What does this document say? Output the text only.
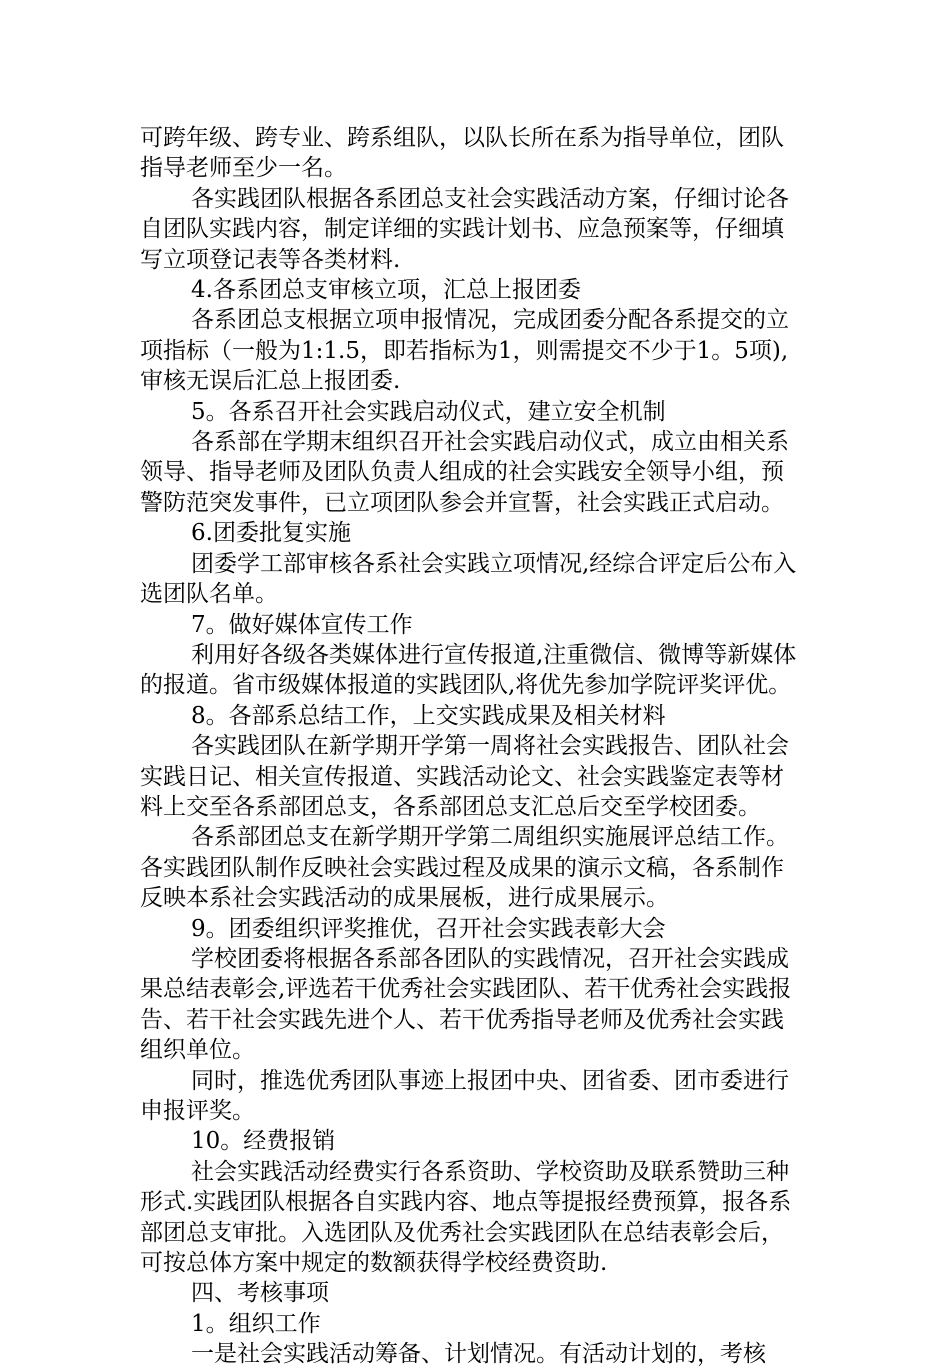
可跨年级、跨专业、跨系组队，以队长所在系为指导单位，团队指导老师至少一名。

各实践团队根据各系团总支社会实践活动方案，仔细讨论各自团队实践内容，制定详细的实践计划书、应急预案等，仔细填写立项登记表等各类材料.

4.各系团总支审核立项，汇总上报团委

各系团总支根据立项申报情况，完成团委分配各系提交的立项指标（一般为1:1.5，即若指标为1，则需提交不少于1。5项),审核无误后汇总上报团委.

5。各系召开社会实践启动仪式，建立安全机制

各系部在学期末组织召开社会实践启动仪式，成立由相关系领导、指导老师及团队负责人组成的社会实践安全领导小组，预警防范突发事件，已立项团队参会并宣誓，社会实践正式启动。

6.团委批复实施

团委学工部审核各系社会实践立项情况,经综合评定后公布入选团队名单。

7。做好媒体宣传工作

利用好各级各类媒体进行宣传报道,注重微信、微博等新媒体的报道。省市级媒体报道的实践团队,将优先参加学院评奖评优。

8。各部系总结工作，上交实践成果及相关材料

各实践团队在新学期开学第一周将社会实践报告、团队社会实践日记、相关宣传报道、实践活动论文、社会实践鉴定表等材料上交至各系部团总支，各系部团总支汇总后交至学校团委。

各系部团总支在新学期开学第二周组织实施展评总结工作。各实践团队制作反映社会实践过程及成果的演示文稿，各系制作反映本系社会实践活动的成果展板，进行成果展示。

9。团委组织评奖推优，召开社会实践表彰大会

学校团委将根据各系部各团队的实践情况，召开社会实践成果总结表彰会,评选若干优秀社会实践团队、若干优秀社会实践报告、若干社会实践先进个人、若干优秀指导老师及优秀社会实践组织单位。

同时，推选优秀团队事迹上报团中央、团省委、团市委进行申报评奖。

10。经费报销

社会实践活动经费实行各系资助、学校资助及联系赞助三种形式.实践团队根据各自实践内容、地点等提报经费预算，报各系部团总支审批。入选团队及优秀社会实践团队在总结表彰会后，可按总体方案中规定的数额获得学校经费资助.

四、考核事项

1。组织工作

一是社会实践活动筹备、计划情况。有活动计划的，考核
